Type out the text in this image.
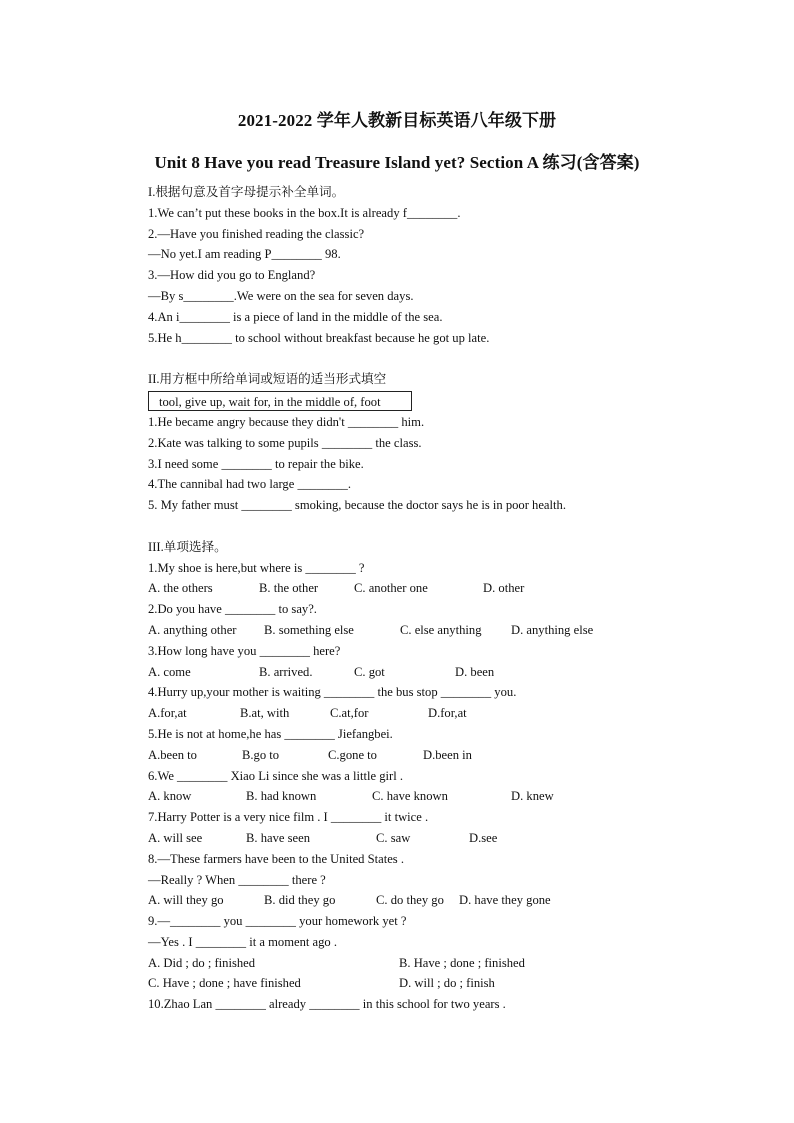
2021-2022 学年人教新目标英语八年级下册
Unit 8 Have you read Treasure Island yet? Section A 练习(含答案)
I.根据句意及首字母提示补全单词。
1.We can’t put these books in the box.It is already f________.
2.—Have you finished reading the classic?
—No yet.I am reading P________ 98.
3.—How did you go to England?
—By s________.We were on the sea for seven days.
4.An i________ is a piece of land in the middle of the sea.
5.He h________ to school without breakfast because he got up late.
II.用方框中所给单词或短语的适当形式填空
tool, give up, wait for, in the middle of, foot
1.He became angry because they didn't ________ him.
2.Kate was talking to some pupils ________ the class.
3.I need some ________ to repair the bike.
4.The cannibal had two large ________.
5. My father must ________ smoking, because the doctor says he is in poor health.
III.单项选择。
1.My shoe is here,but where is ________ ?
A. the others	B. the other	C. another one	D. other
2.Do you have ________ to say?.
A. anything other B. something else	C. else anything D. anything else
3.How long have you ________ here?
A. come	B. arrived.	C. got	D. been
4.Hurry up,your mother is waiting ________ the bus stop ________ you.
A.for,at	B.at, with	C.at,for	D.for,at
5.He is not at home,he has ________ Jiefangbei.
A.been to	B.go to	C.gone to	D.been in
6.We ________ Xiao Li since she was a little girl .
A. know	B. had known	C. have known	D. knew
7.Harry Potter is a very nice film . I ________ it twice .
A. will see	B. have seen	C. saw	D.see
8.—These farmers have been to the United States .
—Really ? When ________ there ?
A. will they go	B. did they go	C. do they go D. have they gone
9.—________ you ________ your homework yet ?
—Yes . I ________ it a moment ago .
A. Did ; do ; finished	B. Have ; done ; finished
C. Have ; done ; have finished	D. will ; do ; finish
10.Zhao Lan ________ already ________ in this school for two years .
